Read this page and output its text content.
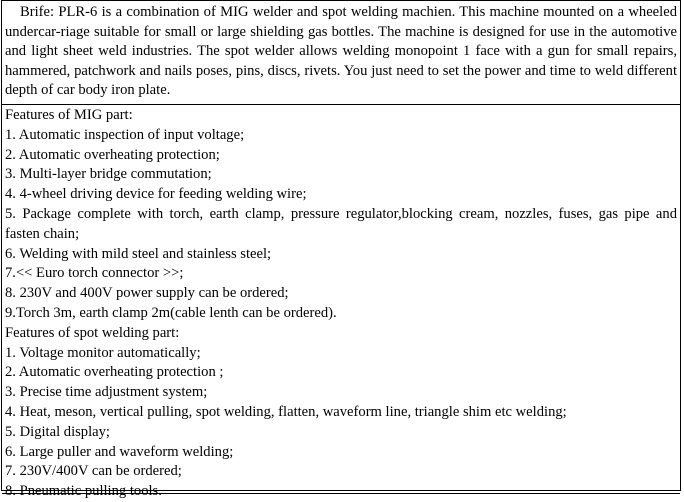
Brife: PLR-6 is a combination of MIG welder and spot welding machien. This machine mounted on a wheeled undercar-riage suitable for small or large shielding gas bottles. The machine is designed for use in the automotive and light sheet weld industries. The spot welder allows welding monopoint 1 face with a gun for small repairs, hammered, patchwork and nails poses, pins, discs, rivets. You just need to set the power and time to weld different depth of car body iron plate.
Features of MIG part:
1. Automatic inspection of input voltage;
2. Automatic overheating protection;
3. Multi-layer bridge commutation;
4. 4-wheel driving device for feeding welding wire;
5. Package complete with torch, earth clamp, pressure regulator,blocking cream, nozzles, fuses, gas pipe and fasten chain;
6. Welding with mild steel and stainless steel;
7.<< Euro torch connector >>;
8. 230V and 400V power supply can be ordered;
9.Torch 3m, earth clamp 2m(cable lenth can be ordered).
Features of spot welding part:
1. Voltage monitor automatically;
2. Automatic overheating protection ;
3. Precise time adjustment system;
4. Heat, meson, vertical pulling, spot welding, flatten, waveform line, triangle shim etc welding;
5. Digital display;
6. Large puller and waveform welding;
7. 230V/400V can be ordered;
8. Pneumatic pulling tools.
